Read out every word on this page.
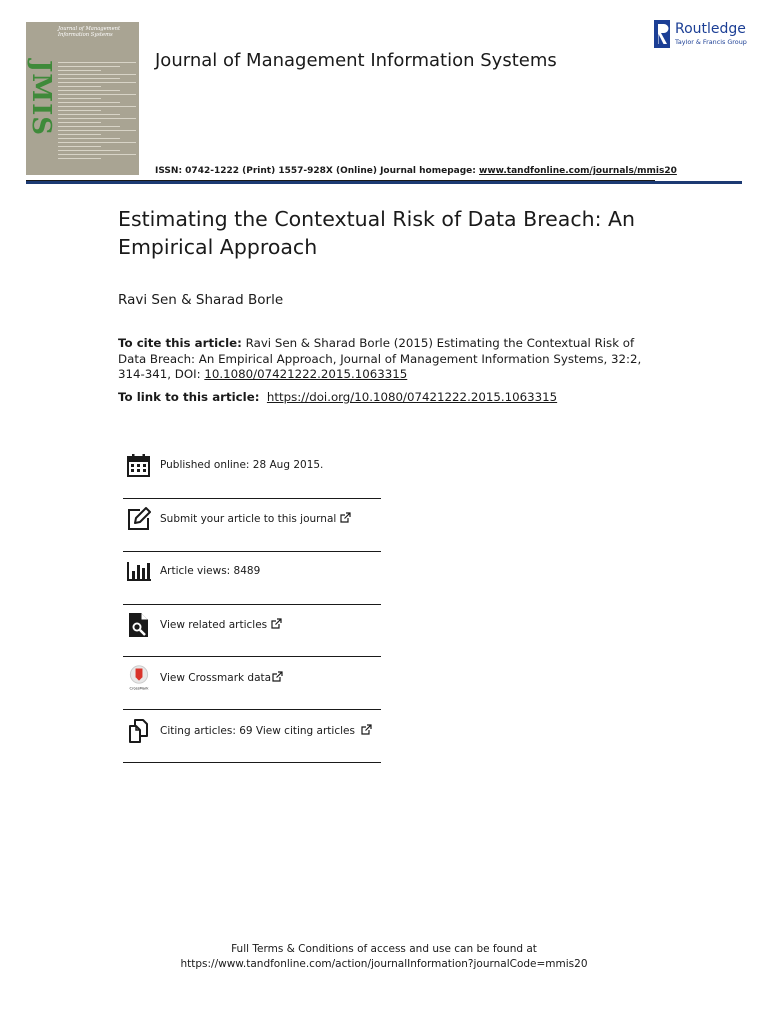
JMIS
Journal of Management
Information Systems
Journal of Management Information Systems
Routledge
Taylor & Francis Group
ISSN: 0742-1222 (Print) 1557-928X (Online) Journal homepage: www.tandfonline.com/journals/mmis20
Estimating the Contextual Risk of Data Breach: An Empirical Approach
Ravi Sen & Sharad Borle
To cite this article: Ravi Sen & Sharad Borle (2015) Estimating the Contextual Risk of Data Breach: An Empirical Approach, Journal of Management Information Systems, 32:2, 314-341, DOI: 10.1080/07421222.2015.1063315
To link to this article: https://doi.org/10.1080/07421222.2015.1063315
Published online: 28 Aug 2015.
Submit your article to this journal
Article views: 8489
View related articles
CrossMark
View Crossmark data
Citing articles: 69 View citing articles
Full Terms & Conditions of access and use can be found at
https://www.tandfonline.com/action/journalInformation?journalCode=mmis20
